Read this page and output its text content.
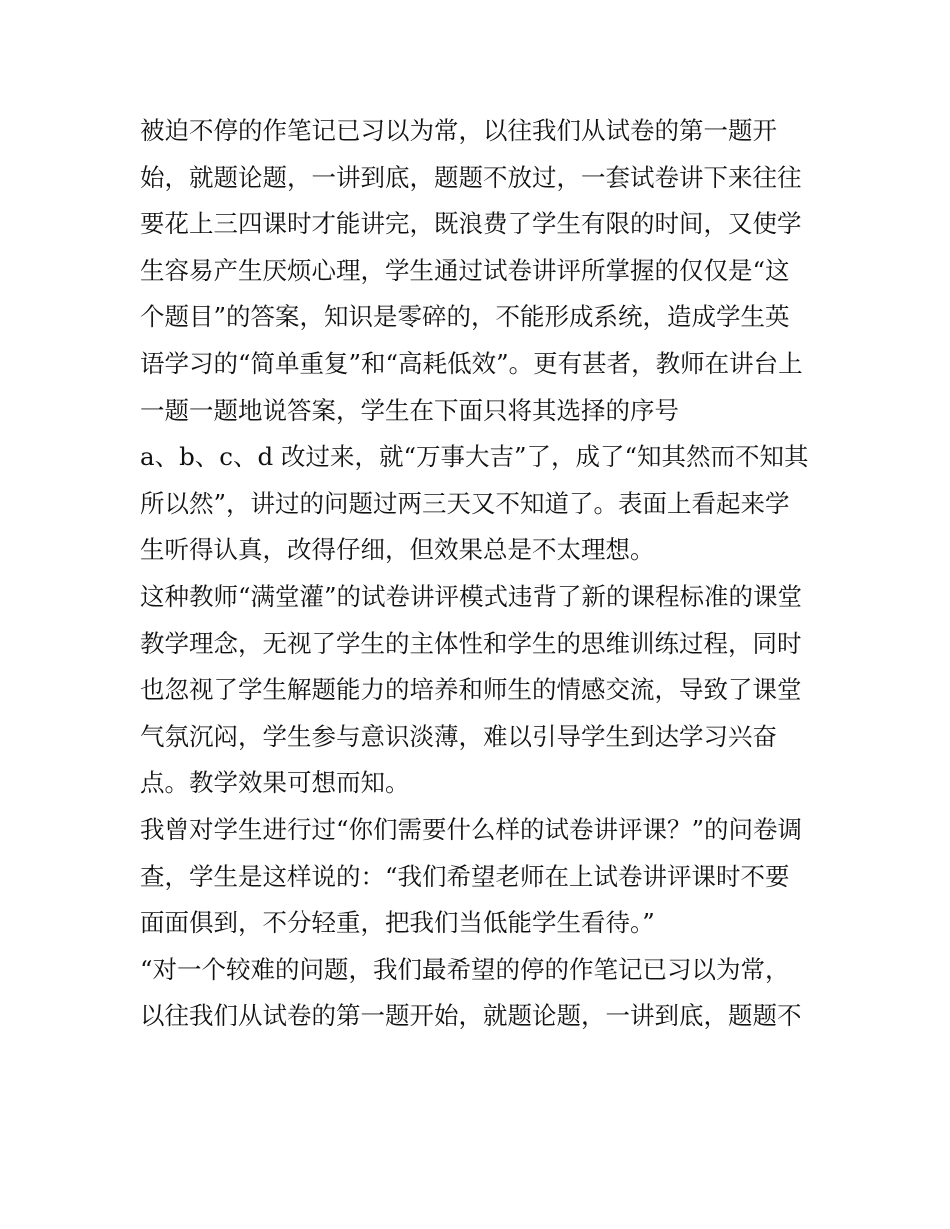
被迫不停的作笔记已习以为常，以往我们从试卷的第一题开
始，就题论题，一讲到底，题题不放过，一套试卷讲下来往往
要花上三四课时才能讲完，既浪费了学生有限的时间，又使学
生容易产生厌烦心理，学生通过试卷讲评所掌握的仅仅是“这
个题目”的答案，知识是零碎的，不能形成系统，造成学生英
语学习的“简单重复”和“高耗低效”。更有甚者，教师在讲台上
一题一题地说答案，学生在下面只将其选择的序号
a、b、c、d 改过来，就“万事大吉”了，成了“知其然而不知其
所以然”，讲过的问题过两三天又不知道了。表面上看起来学
生听得认真，改得仔细，但效果总是不太理想。
这种教师“满堂灌”的试卷讲评模式违背了新的课程标准的课堂
教学理念，无视了学生的主体性和学生的思维训练过程，同时
也忽视了学生解题能力的培养和师生的情感交流，导致了课堂
气氛沉闷，学生参与意识淡薄，难以引导学生到达学习兴奋
点。教学效果可想而知。
我曾对学生进行过“你们需要什么样的试卷讲评课？”的问卷调
查，学生是这样说的：“我们希望老师在上试卷讲评课时不要
面面俱到，不分轻重，把我们当低能学生看待。”
“对一个较难的问题，我们最希望的停的作笔记已习以为常，
以往我们从试卷的第一题开始，就题论题，一讲到底，题题不
